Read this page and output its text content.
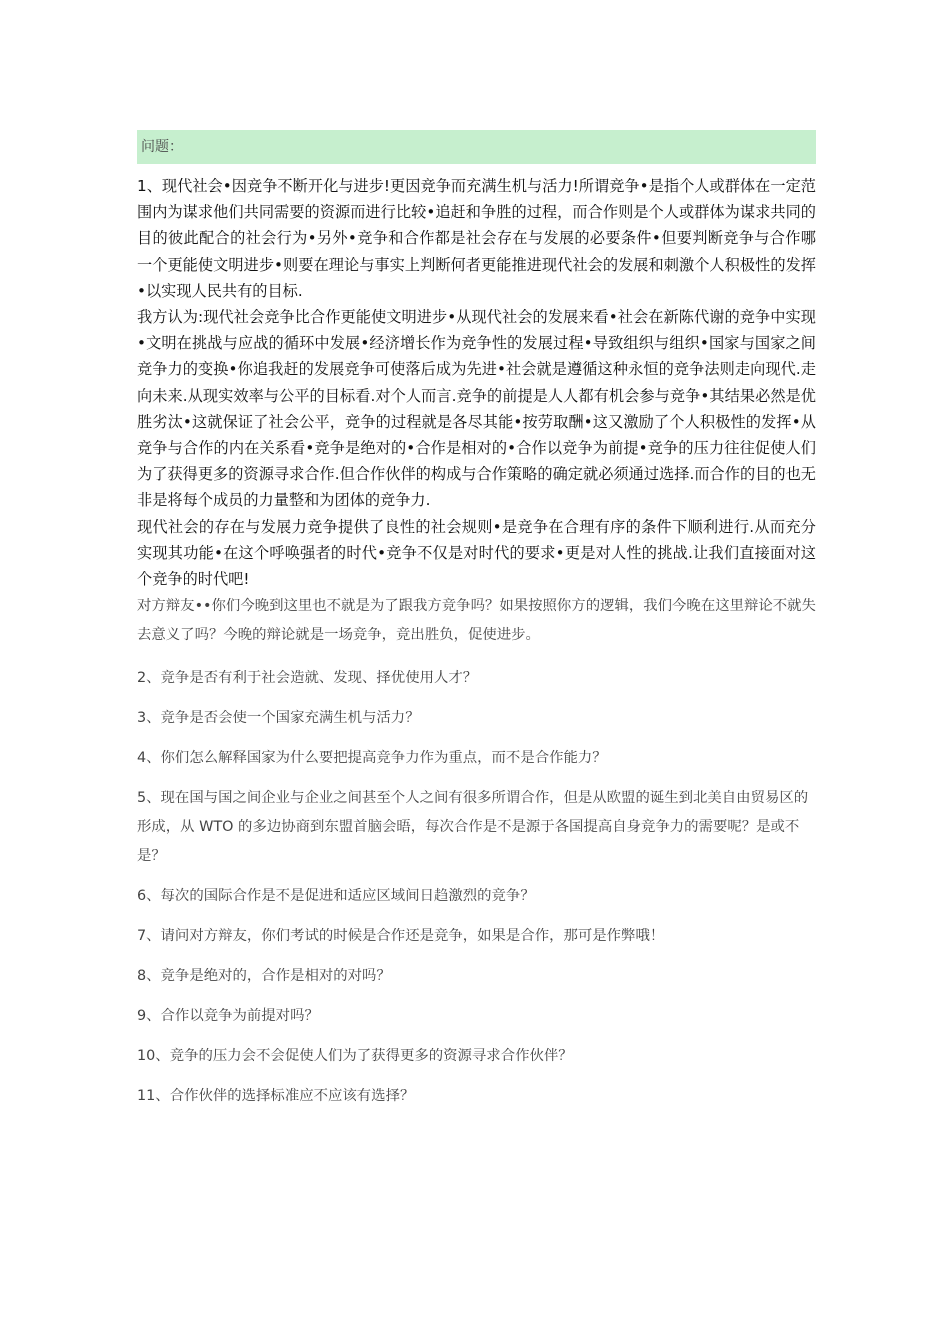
问题：

1、现代社会•因竞争不断开化与进步!更因竞争而充满生机与活力!所谓竞争•是指个人或群体在一定范围内为谋求他们共同需要的资源而进行比较•追赶和争胜的过程，而合作则是个人或群体为谋求共同的目的彼此配合的社会行为•另外•竞争和合作都是社会存在与发展的必要条件•但要判断竞争与合作哪一个更能使文明进步•则要在理论与事实上判断何者更能推进现代社会的发展和刺激个人积极性的发挥•以实现人民共有的目标.

我方认为:现代社会竞争比合作更能使文明进步•从现代社会的发展来看•社会在新陈代谢的竞争中实现•文明在挑战与应战的循环中发展•经济增长作为竞争性的发展过程•导致组织与组织•国家与国家之间竞争力的变换•你追我赶的发展竞争可使落后成为先进•社会就是遵循这种永恒的竞争法则走向现代.走向未来.从现实效率与公平的目标看.对个人而言.竞争的前提是人人都有机会参与竞争•其结果必然是优胜劣汰•这就保证了社会公平，竞争的过程就是各尽其能•按劳取酬•这又激励了个人积极性的发挥•从竞争与合作的内在关系看•竞争是绝对的•合作是相对的•合作以竞争为前提•竞争的压力往往促使人们为了获得更多的资源寻求合作.但合作伙伴的构成与合作策略的确定就必须通过选择.而合作的目的也无非是将每个成员的力量整和为团体的竞争力.

现代社会的存在与发展力竞争提供了良性的社会规则•是竞争在合理有序的条件下顺利进行.从而充分实现其功能•在这个呼唤强者的时代•竞争不仅是对时代的要求•更是对人性的挑战.让我们直接面对这个竞争的时代吧!

对方辩友••你们今晚到这里也不就是为了跟我方竞争吗？如果按照你方的逻辑，我们今晚在这里辩论不就失去意义了吗？今晚的辩论就是一场竞争，竞出胜负，促使进步。

2、竞争是否有利于社会造就、发现、择优使用人才？

3、竞争是否会使一个国家充满生机与活力？

4、你们怎么解释国家为什么要把提高竞争力作为重点，而不是合作能力？

5、现在国与国之间企业与企业之间甚至个人之间有很多所谓合作，但是从欧盟的诞生到北美自由贸易区的形成，从 WTO 的多边协商到东盟首脑会晤，每次合作是不是源于各国提高自身竞争力的需要呢？是或不是？

6、每次的国际合作是不是促进和适应区域间日趋激烈的竞争？

7、请问对方辩友，你们考试的时候是合作还是竞争，如果是合作，那可是作弊哦！

8、竞争是绝对的，合作是相对的对吗？

9、合作以竞争为前提对吗？

10、竞争的压力会不会促使人们为了获得更多的资源寻求合作伙伴？

11、合作伙伴的选择标准应不应该有选择？
